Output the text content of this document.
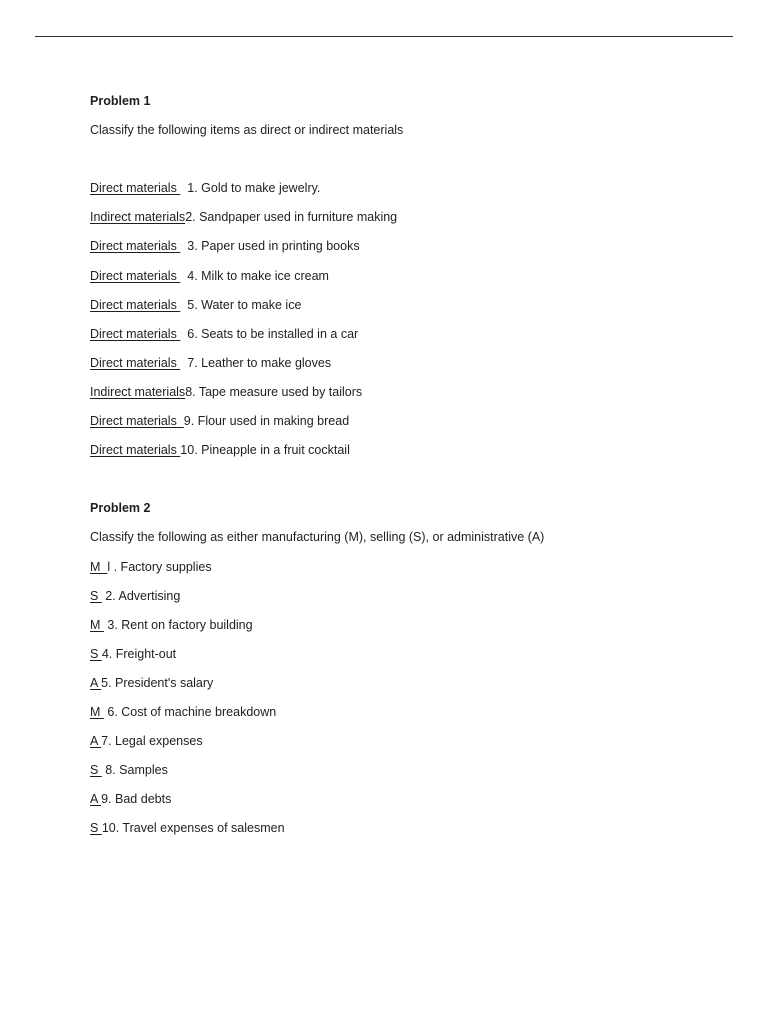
Problem 1
Classify the following items as direct or indirect materials
Direct materials   1. Gold to make jewelry.
Indirect materials2. Sandpaper used in furniture making
Direct materials   3. Paper used in printing books
Direct materials   4. Milk to make ice cream
Direct materials   5. Water to make ice
Direct materials   6. Seats to be installed in a car
Direct materials   7. Leather to make gloves
Indirect materials8. Tape measure used by tailors
Direct materials  9. Flour used in making bread
Direct materials 10. Pineapple in a fruit cocktail
Problem 2
Classify the following as either manufacturing (M), selling (S), or administrative (A)
M  l . Factory supplies
S  2. Advertising
M  3. Rent on factory building
S 4. Freight-out
A 5. President's salary
M  6. Cost of machine breakdown
A 7. Legal expenses
S  8. Samples
A 9. Bad debts
S 10. Travel expenses of salesmen
